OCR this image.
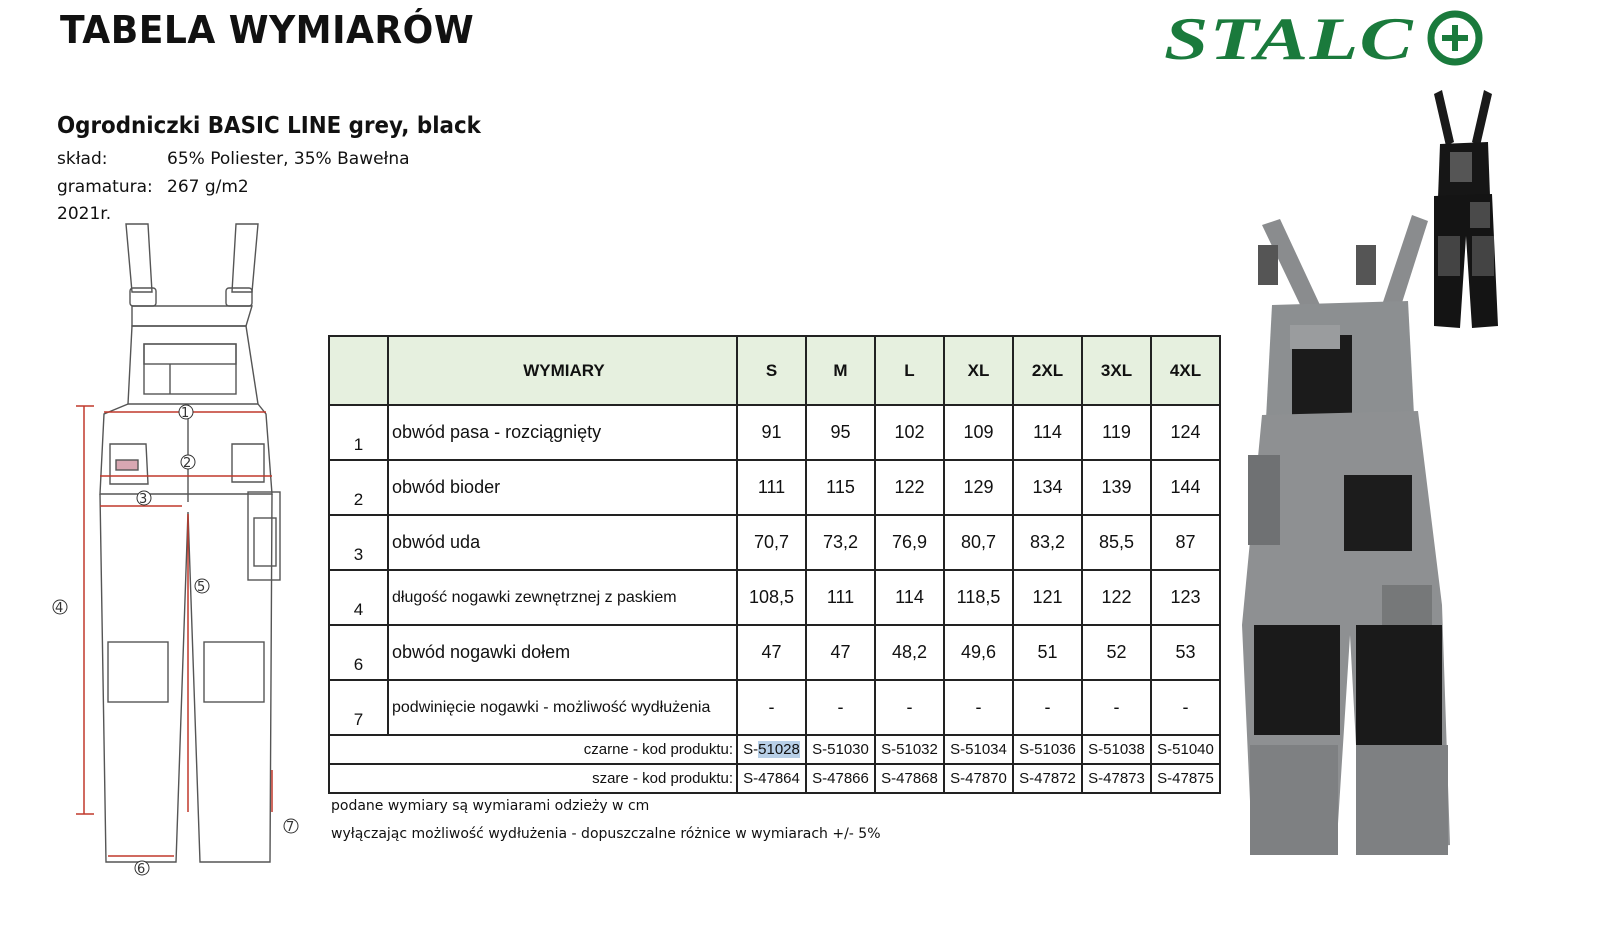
TABELA WYMIARÓW	STALC
Ogrodniczki BASIC LINE grey, black
skład:	65% Poliester, 35% Bawełna
gramatura: 267 g/m2
2021r.
1
2
3
4
5
6
7
	WYMIARY	S	M	L	XL	2XL	3XL	4XL
1	obwód pasa - rozciągnięty	91	95	102	109	114	119	124
2	obwód bioder	111	115	122	129	134	139	144
3	obwód uda	70,7	73,2	76,9	80,7	83,2	85,5	87
4	długość nogawki zewnętrznej z paskiem	108,5	111	114	118,5	121	122	123
6	obwód nogawki dołem	47	47	48,2	49,6	51	52	53
7	podwinięcie nogawki - możliwość wydłużenia	-	-	-	-	-	-	-
czarne - kod produktu:		S-51028	S-51030	S-51032	S-51034	S-51036	S-51038	S-51040
szare - kod produktu:		S-47864	S-47866	S-47868	S-47870	S-47872	S-47873	S-47875
podane wymiary są wymiarami odzieży w cm
wyłączając możliwość wydłużenia - dopuszczalne różnice w wymiarach +/- 5%
